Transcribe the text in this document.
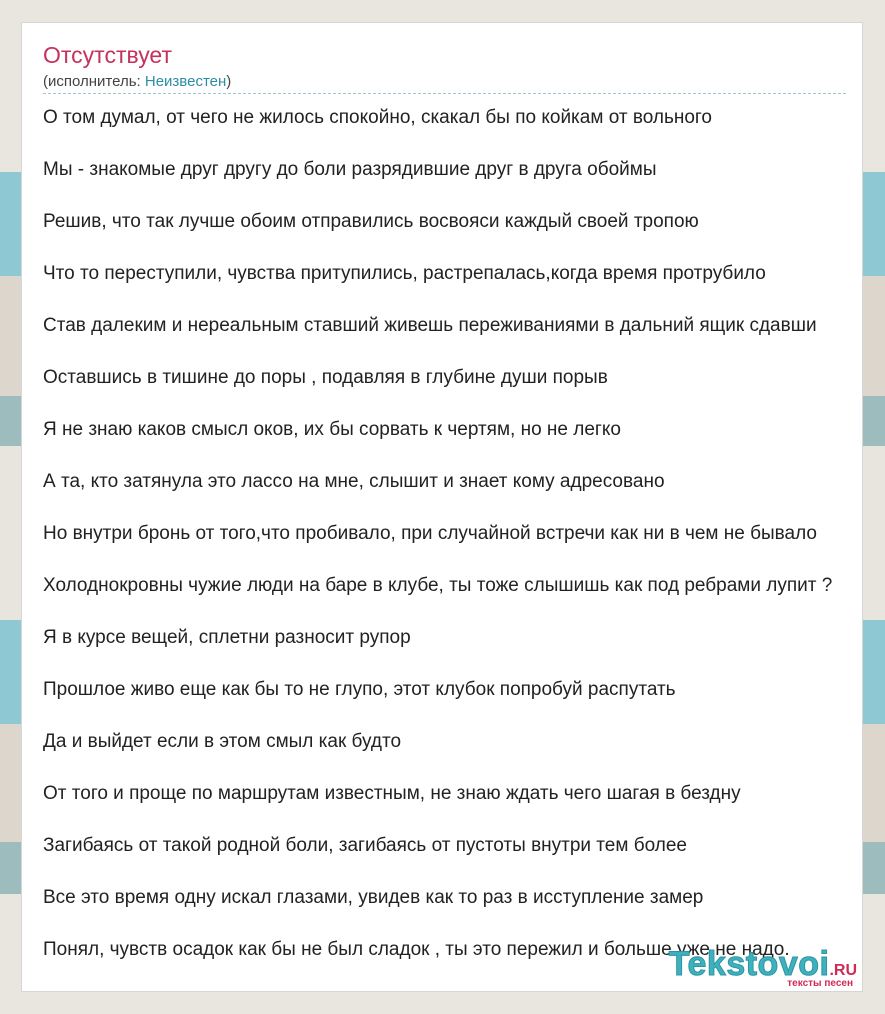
Отсутствует
(исполнитель: Неизвестен)

О том думал, от чего не жилось спокойно, скакал бы по койкам от вольного

Мы - знакомые друг другу до боли разрядившие друг в друга обоймы

Решив, что так лучше обоим отправились восвояси каждый своей тропою

Что то переступили, чувства притупились, растрепалась,когда время протрубило

Став далеким и нереальным ставший живешь переживаниями в дальний ящик сдавши

Оставшись в тишине до поры , подавляя в глубине души порыв

Я не знаю каков смысл оков, их бы сорвать к чертям, но не легко

А та, кто затянула это лассо на мне, слышит и знает кому адресовано

Но внутри бронь от того,что пробивало, при случайной встречи как ни в чем не бывало

Холоднокровны чужие люди на баре в клубе, ты тоже слышишь как под ребрами лупит ?

Я в курсе вещей, сплетни разносит рупор

Прошлое живо еще как бы то не глупо, этот клубок попробуй распутать

Да и выйдет если в этом смыл как будто

От того и проще по маршрутам известным, не знаю ждать чего шагая в бездну

Загибаясь от такой родной боли, загибаясь от пустоты внутри тем более

Все это время одну искал глазами, увидев как то раз в исступление замер

Понял, чувств осадок как бы не был сладок , ты это пережил и больше уже не надо.

Tekstovoi.RU
тексты песен
